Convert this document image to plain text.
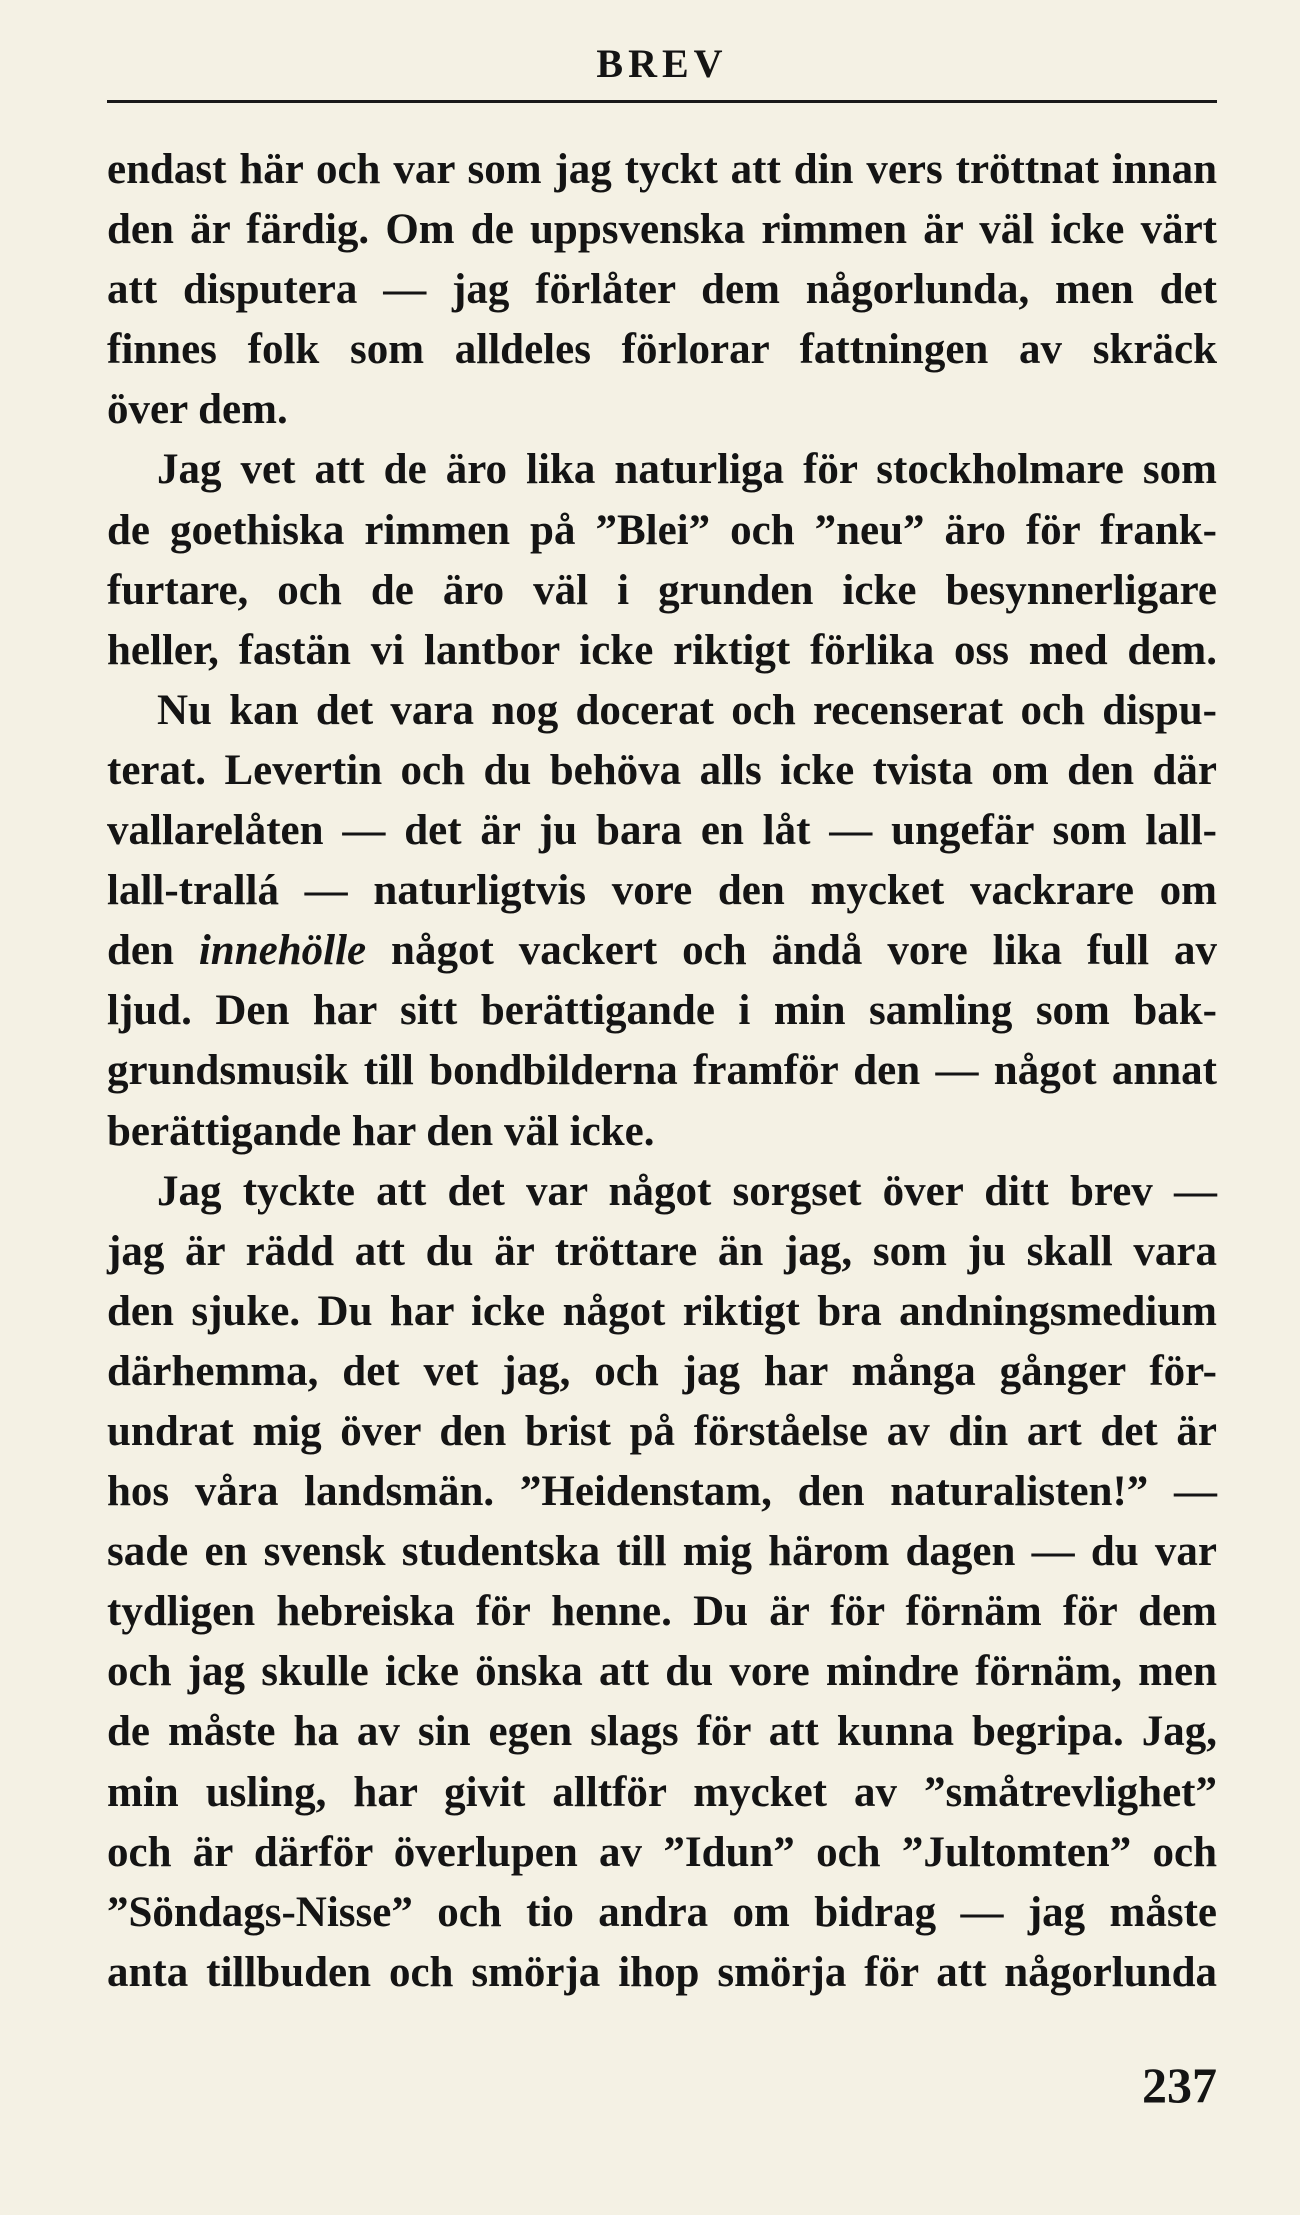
BREV
endast här och var som jag tyckt att din vers tröttnat innan
den är färdig. Om de uppsvenska rimmen är väl icke värt
att disputera — jag förlåter dem någorlunda, men det
finnes folk som alldeles förlorar fattningen av skräck
över dem.
Jag vet att de äro lika naturliga för stockholmare som
de goethiska rimmen på ”Blei” och ”neu” äro för frank-
furtare, och de äro väl i grunden icke besynnerligare
heller, fastän vi lantbor icke riktigt förlika oss med dem.
Nu kan det vara nog docerat och recenserat och dispu-
terat. Levertin och du behöva alls icke tvista om den där
vallarelåten — det är ju bara en låt — ungefär som lall-
lall-trallá — naturligtvis vore den mycket vackrare om
den innehölle något vackert och ändå vore lika full av
ljud. Den har sitt berättigande i min samling som bak-
grundsmusik till bondbilderna framför den — något annat
berättigande har den väl icke.
Jag tyckte att det var något sorgset över ditt brev —
jag är rädd att du är tröttare än jag, som ju skall vara
den sjuke. Du har icke något riktigt bra andningsmedium
därhemma, det vet jag, och jag har många gånger för-
undrat mig över den brist på förståelse av din art det är
hos våra landsmän. ”Heidenstam, den naturalisten!” —
sade en svensk studentska till mig härom dagen — du var
tydligen hebreiska för henne. Du är för förnäm för dem
och jag skulle icke önska att du vore mindre förnäm, men
de måste ha av sin egen slags för att kunna begripa. Jag,
min usling, har givit alltför mycket av ”småtrevlighet”
och är därför överlupen av ”Idun” och ”Jultomten” och
”Söndags-Nisse” och tio andra om bidrag — jag måste
anta tillbuden och smörja ihop smörja för att någorlunda
237
